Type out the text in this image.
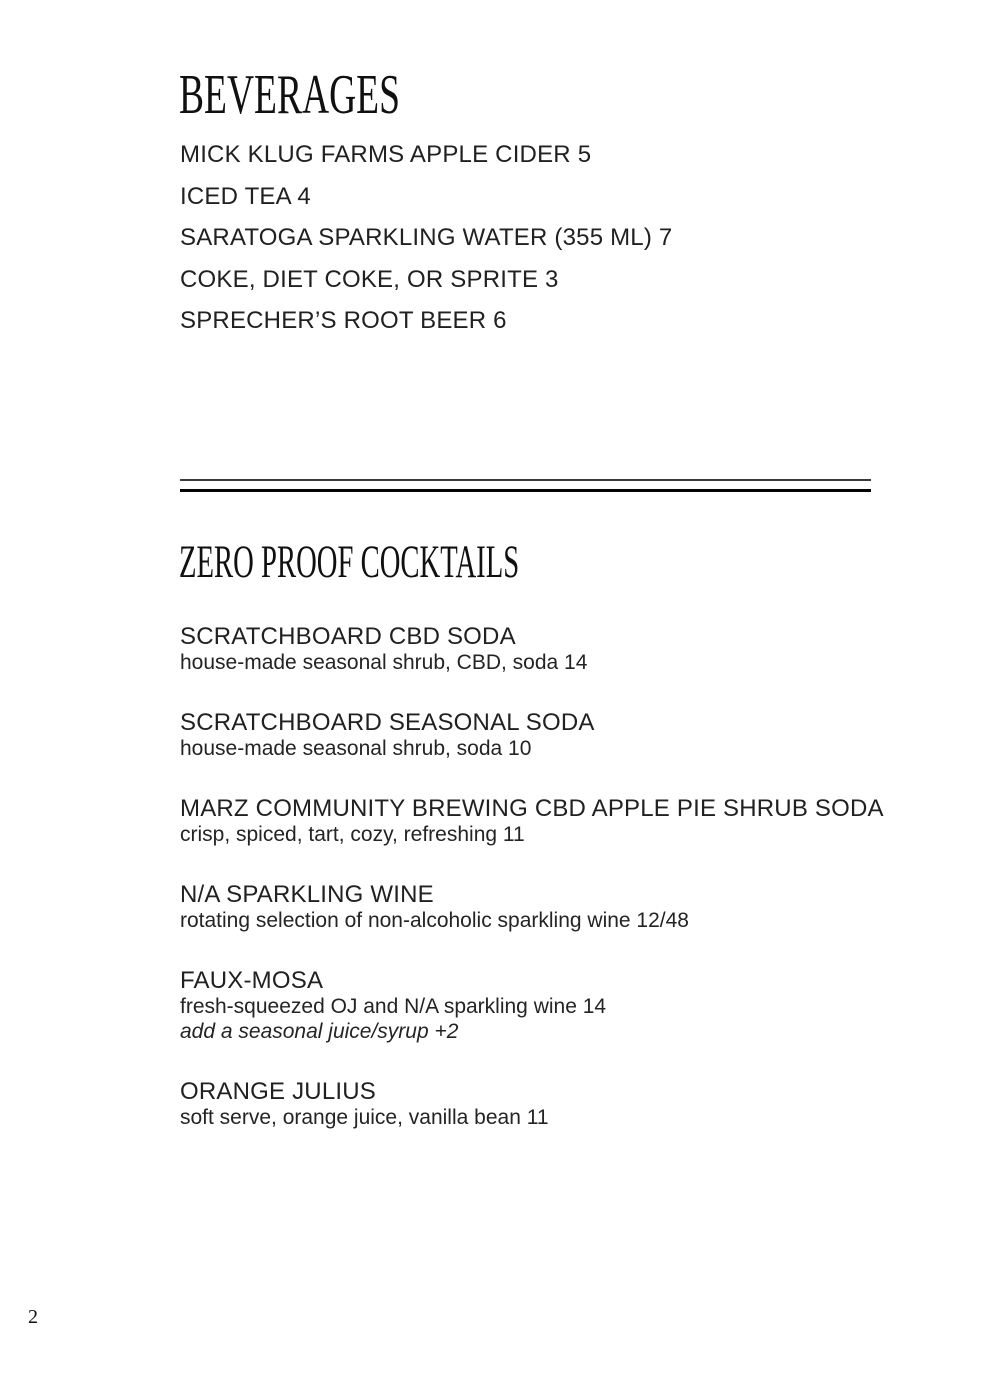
BEVERAGES
MICK KLUG FARMS APPLE CIDER 5
ICED TEA 4
SARATOGA SPARKLING WATER (355 ML) 7
COKE, DIET COKE, OR SPRITE 3
SPRECHER’S ROOT BEER 6
ZERO PROOF COCKTAILS
SCRATCHBOARD CBD SODA
house-made seasonal shrub, CBD, soda 14
SCRATCHBOARD SEASONAL SODA
house-made seasonal shrub, soda 10
MARZ COMMUNITY BREWING CBD APPLE PIE SHRUB SODA
crisp, spiced, tart, cozy, refreshing 11
N/A SPARKLING WINE
rotating selection of non-alcoholic sparkling wine 12/48
FAUX-MOSA
fresh-squeezed OJ and N/A sparkling wine 14
add a seasonal juice/syrup +2
ORANGE JULIUS
soft serve, orange juice, vanilla bean 11
2
